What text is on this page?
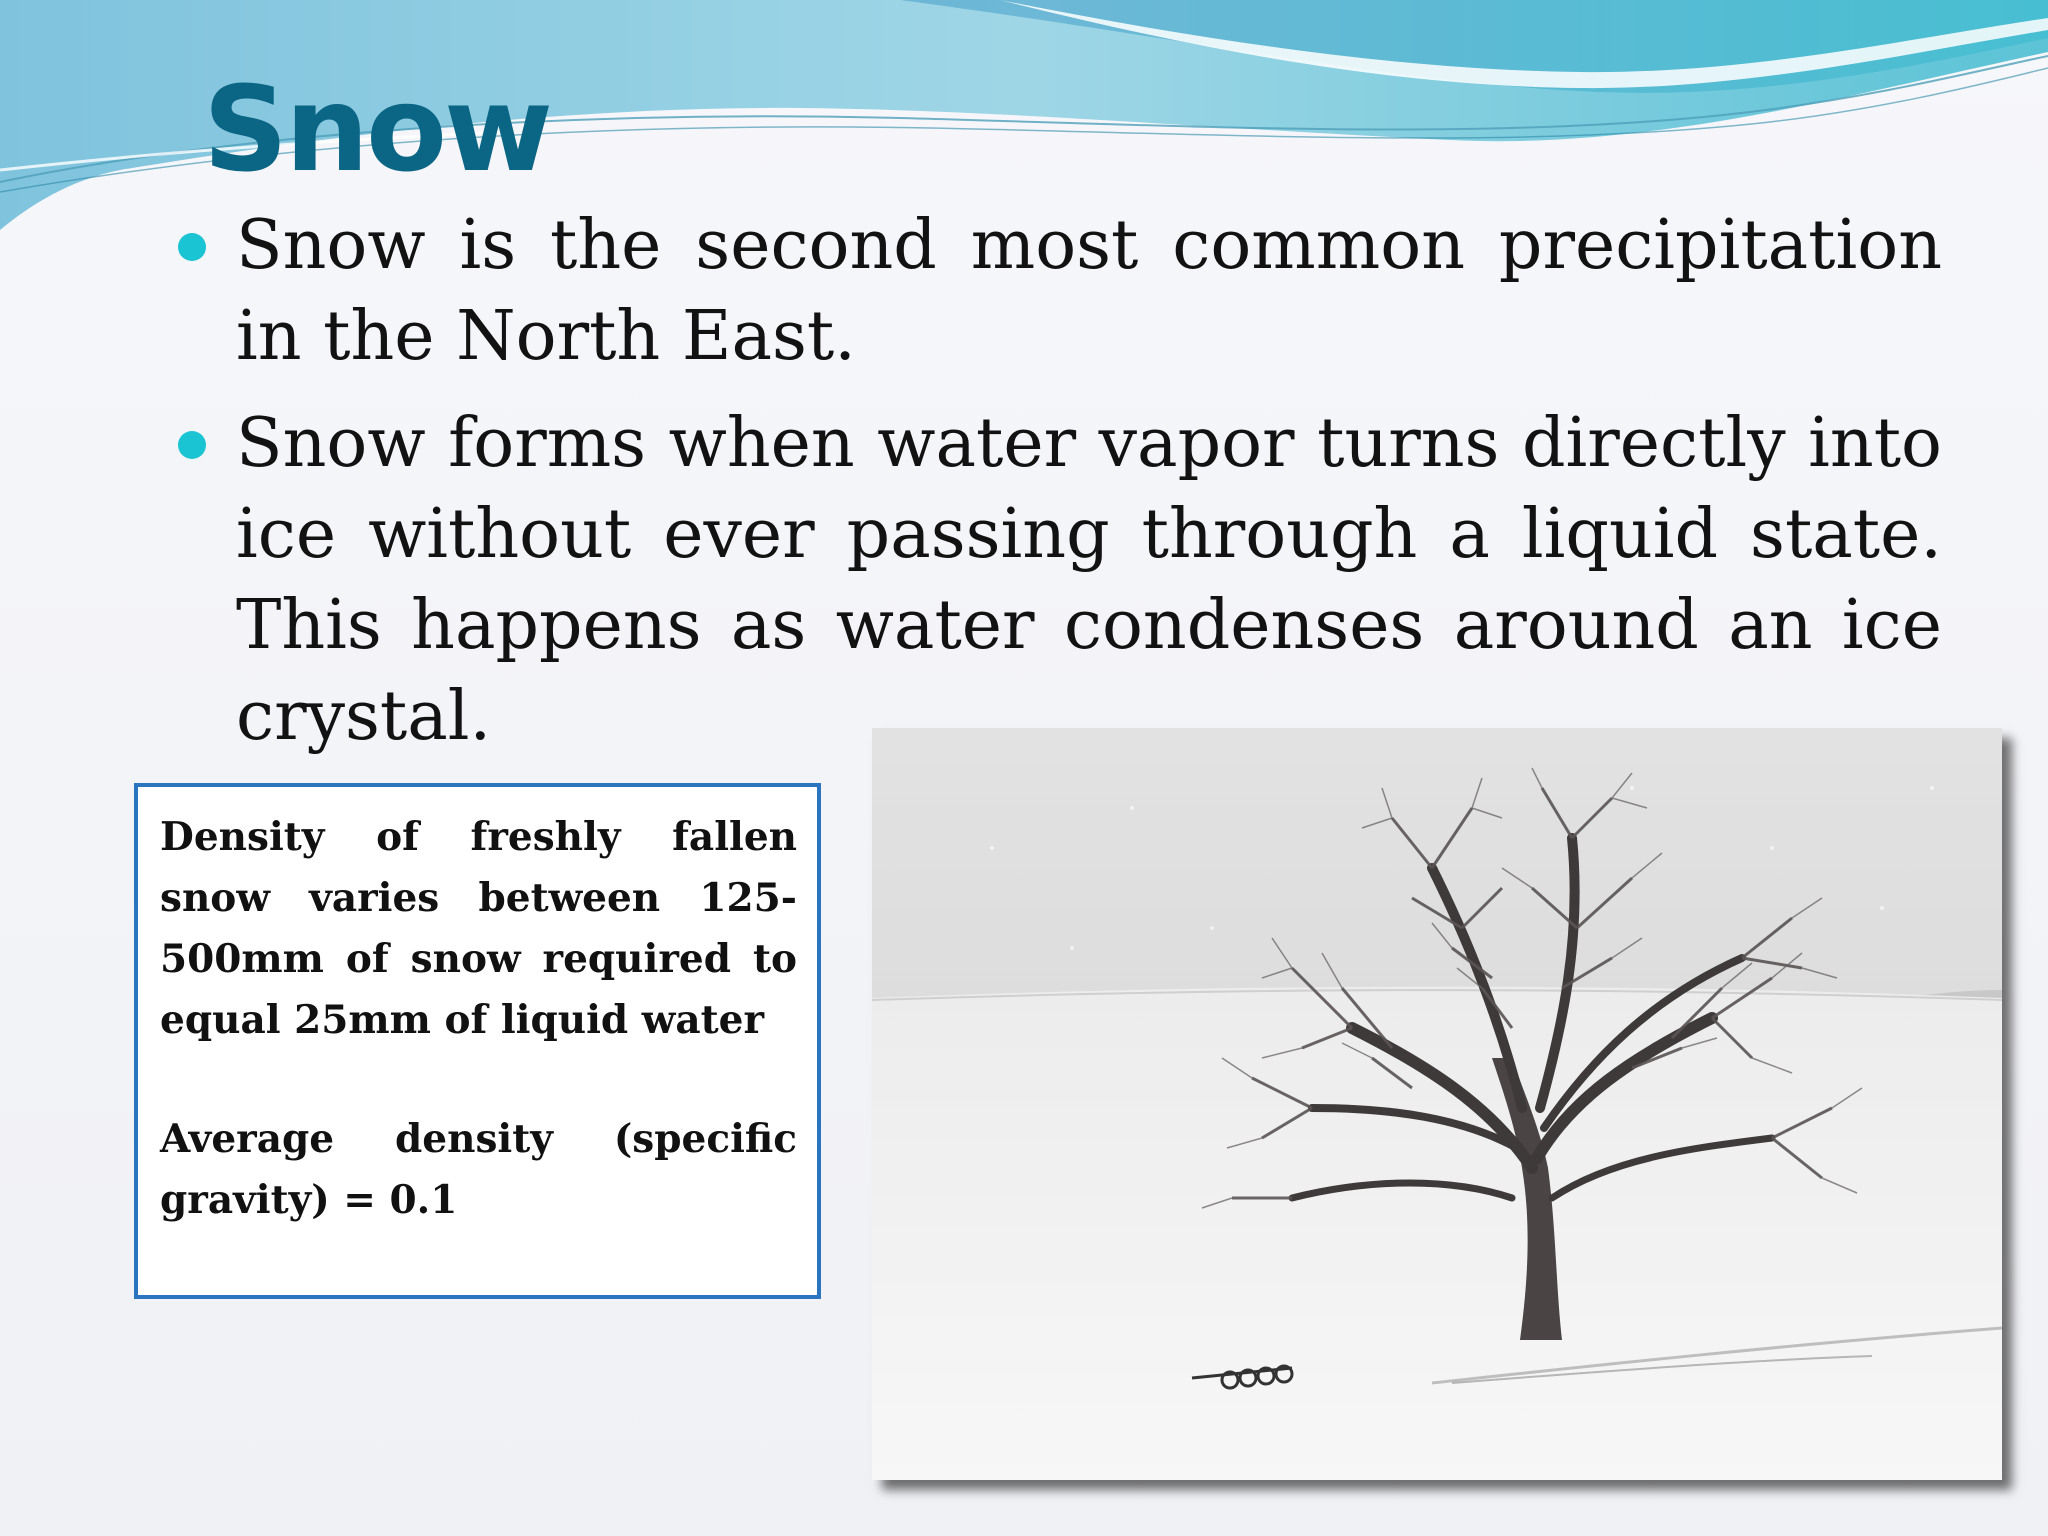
Snow
Snow is the second most common precipitation in the North East.
Snow forms when water vapor turns directly into ice without ever passing through a liquid state. This happens as water condenses around an ice crystal.

Density of freshly fallen snow varies between 125-500mm of snow required to equal 25mm of liquid water

Average density (specific gravity) = 0.1
